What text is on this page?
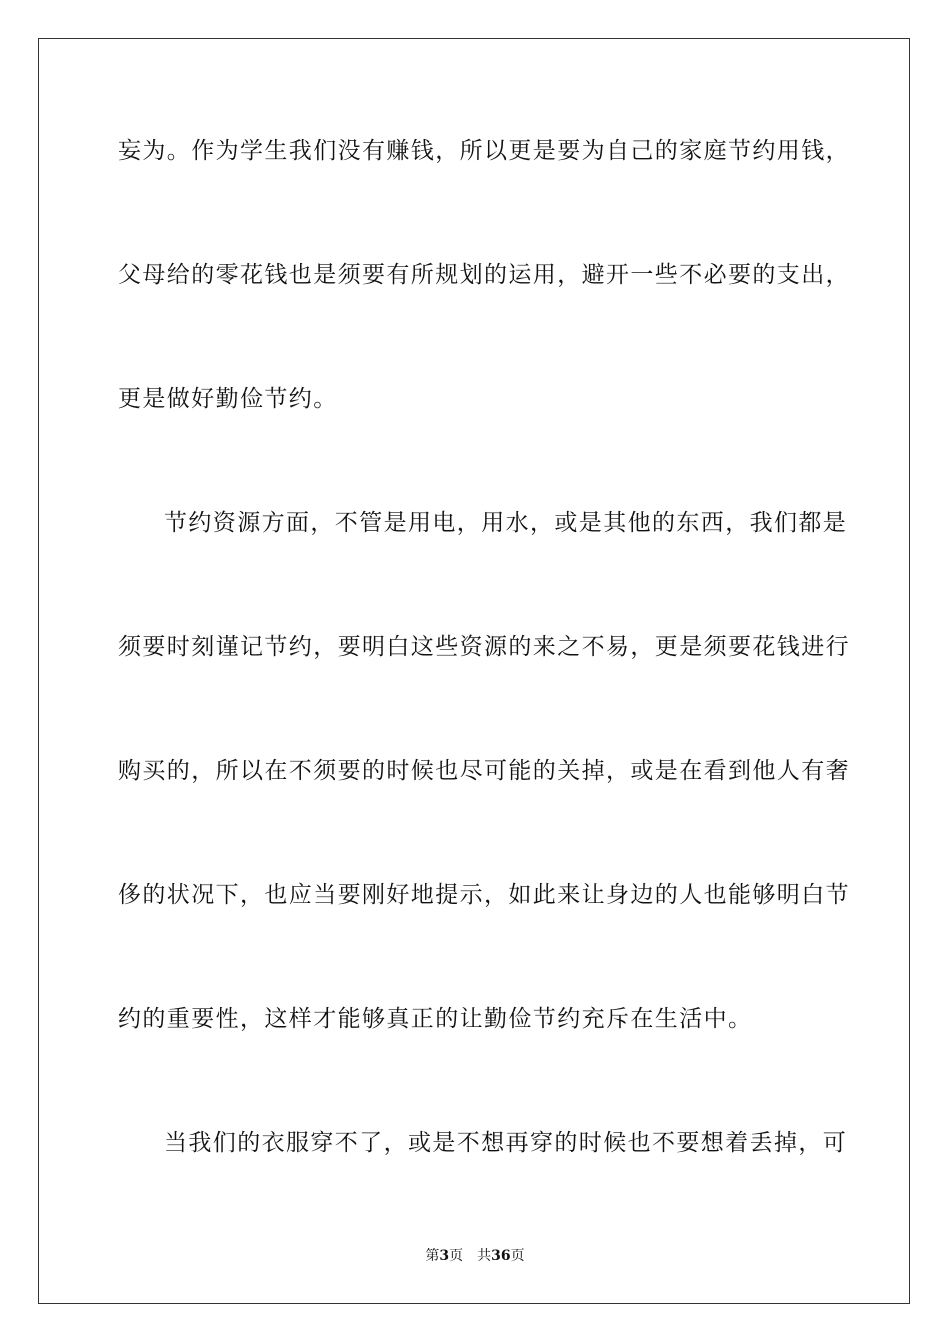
妄为。作为学生我们没有赚钱，所以更是要为自己的家庭节约用钱，
父母给的零花钱也是须要有所规划的运用，避开一些不必要的支出，
更是做好勤俭节约。
节约资源方面，不管是用电，用水，或是其他的东西，我们都是
须要时刻谨记节约，要明白这些资源的来之不易，更是须要花钱进行
购买的，所以在不须要的时候也尽可能的关掉，或是在看到他人有奢
侈的状况下，也应当要刚好地提示，如此来让身边的人也能够明白节
约的重要性，这样才能够真正的让勤俭节约充斥在生活中。
当我们的衣服穿不了，或是不想再穿的时候也不要想着丢掉，可
第3页 共36页
